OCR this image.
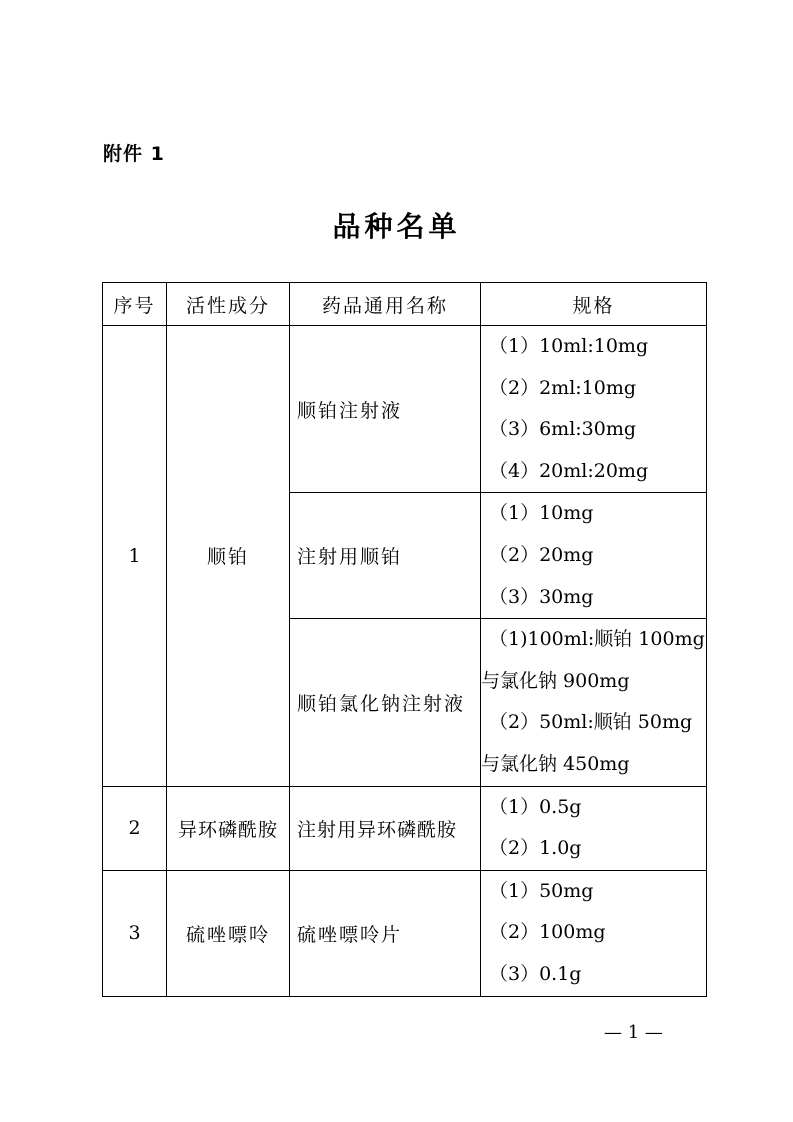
附件 1
品种名单
序号	活性成分	药品通用名称	规格
1	顺铂	顺铂注射液	（1）10ml:10mg
（2）2ml:10mg
（3）6ml:30mg
（4）20ml:20mg

		注射用顺铂	（1）10mg
（2）20mg
（3）30mg

		顺铂氯化钠注射液	（1)100ml:顺铂 100mg
与氯化钠 900mg
（2）50ml:顺铂 50mg
与氯化钠 450mg

2	异环磷酰胺	注射用异环磷酰胺	（1）0.5g
（2）1.0g

3	硫唑嘌呤	硫唑嘌呤片	（1）50mg
（2）100mg
（3）0.1g
— 1 —
